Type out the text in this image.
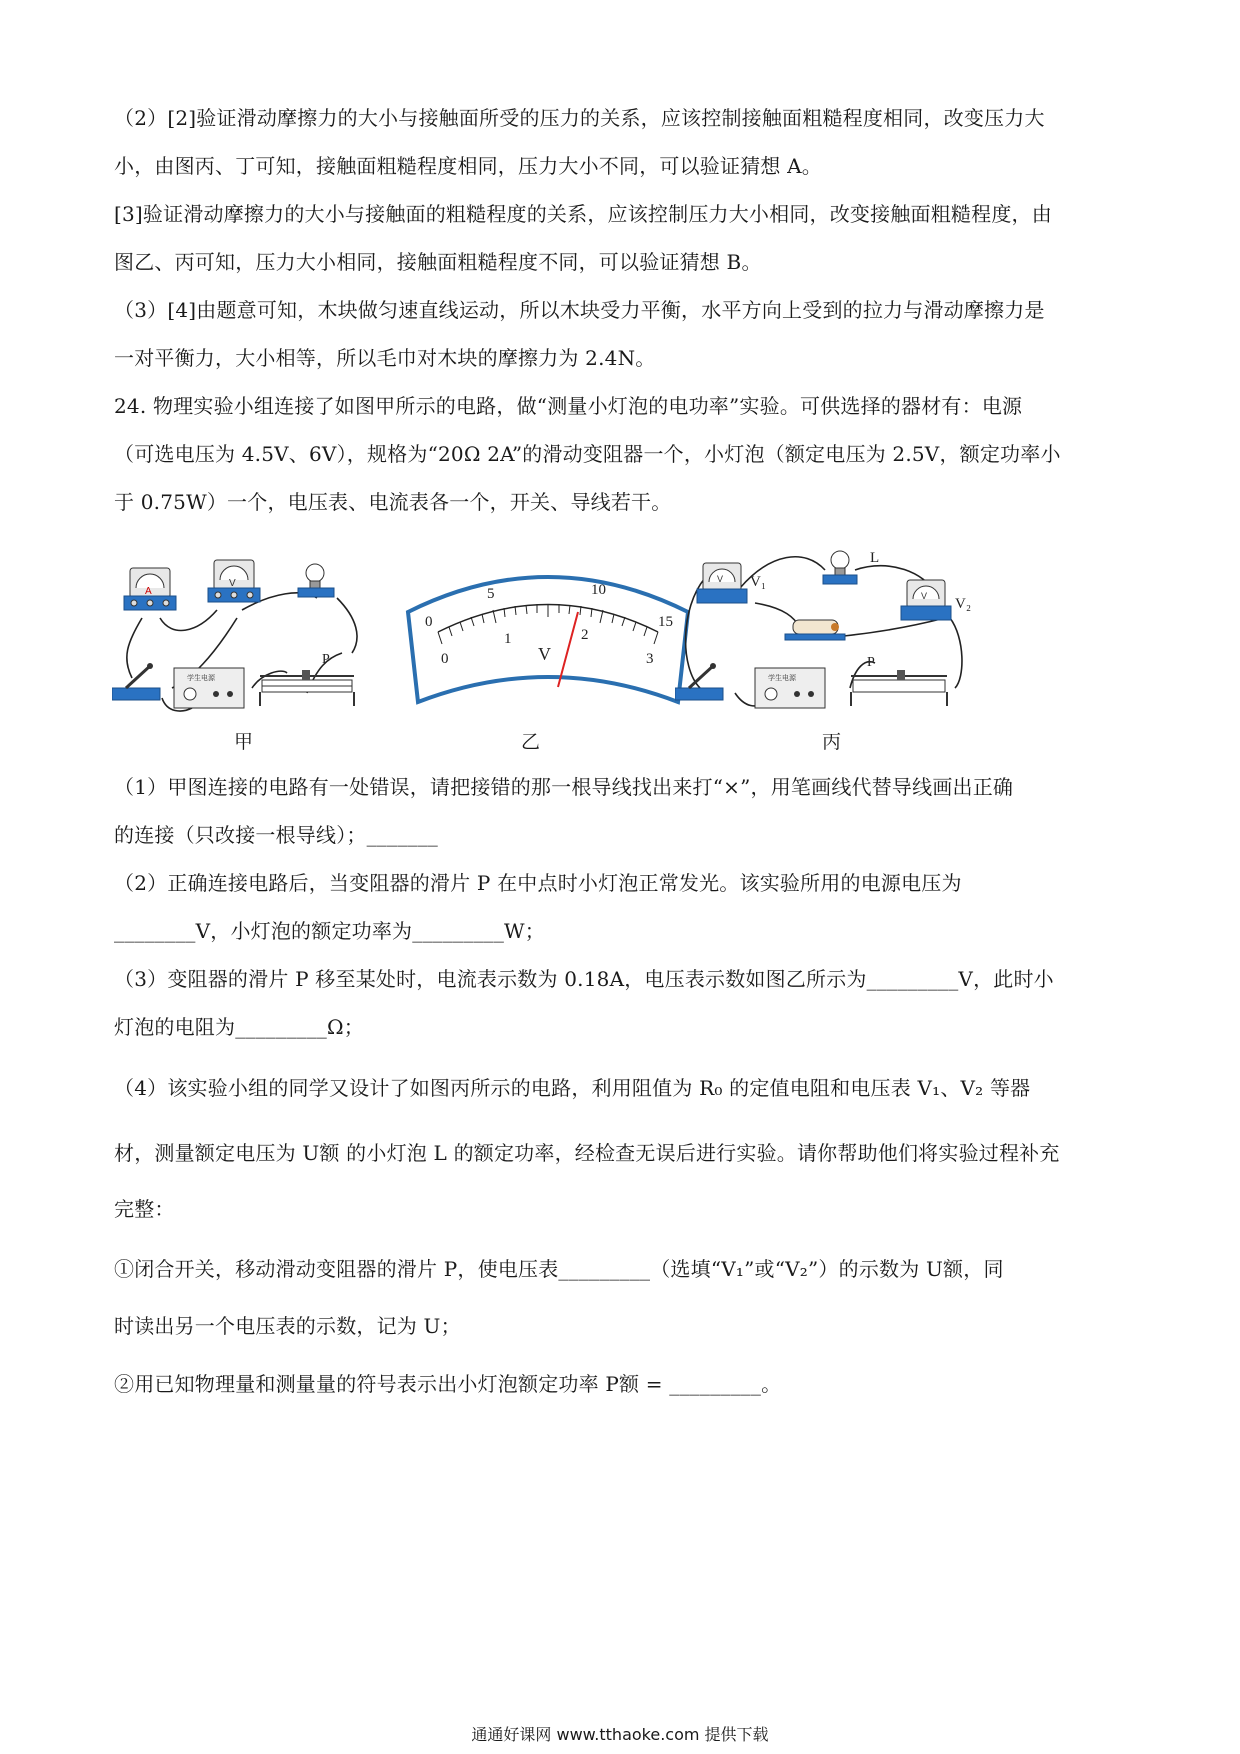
（2）[2]验证滑动摩擦力的大小与接触面所受的压力的关系，应该控制接触面粗糙程度相同，改变压力大
小，由图丙、丁可知，接触面粗糙程度相同，压力大小不同，可以验证猜想 A。
[3]验证滑动摩擦力的大小与接触面的粗糙程度的关系，应该控制压力大小相同，改变接触面粗糙程度，由
图乙、丙可知，压力大小相同，接触面粗糙程度不同，可以验证猜想 B。
（3）[4]由题意可知，木块做匀速直线运动，所以木块受力平衡，水平方向上受到的拉力与滑动摩擦力是
一对平衡力，大小相等，所以毛巾对木块的摩擦力为 2.4N。
24. 物理实验小组连接了如图甲所示的电路，做“测量小灯泡的电功率”实验。可供选择的器材有：电源
（可选电压为 4.5V、6V），规格为“20Ω 2A”的滑动变阻器一个，小灯泡（额定电压为 2.5V，额定功率小
于 0.75W）一个，电压表、电流表各一个，开关、导线若干。
A
V
学生电源
P
甲
0
5	10
15
0
1	2
3
V
乙
V V₁
L
V V₂
学生电源
P
丙
（1）甲图连接的电路有一处错误，请把接错的那一根导线找出来打“×”，用笔画线代替导线画出正确
的连接（只改接一根导线）；_______
（2）正确连接电路后，当变阻器的滑片 P 在中点时小灯泡正常发光。该实验所用的电源电压为
________V，小灯泡的额定功率为_________W；
（3）变阻器的滑片 P 移至某处时，电流表示数为 0.18A，电压表示数如图乙所示为_________V，此时小
灯泡的电阻为_________Ω；
（4）该实验小组的同学又设计了如图丙所示的电路，利用阻值为 R₀ 的定值电阻和电压表 V₁、V₂ 等器
材，测量额定电压为 U额 的小灯泡 L 的额定功率，经检查无误后进行实验。请你帮助他们将实验过程补充
完整：
①闭合开关，移动滑动变阻器的滑片 P，使电压表_________（选填“V₁”或“V₂”）的示数为 U额，同
时读出另一个电压表的示数，记为 U；
②用已知物理量和测量量的符号表示出小灯泡额定功率 P额 = _________。
通通好课网 www.tthaoke.com 提供下载
